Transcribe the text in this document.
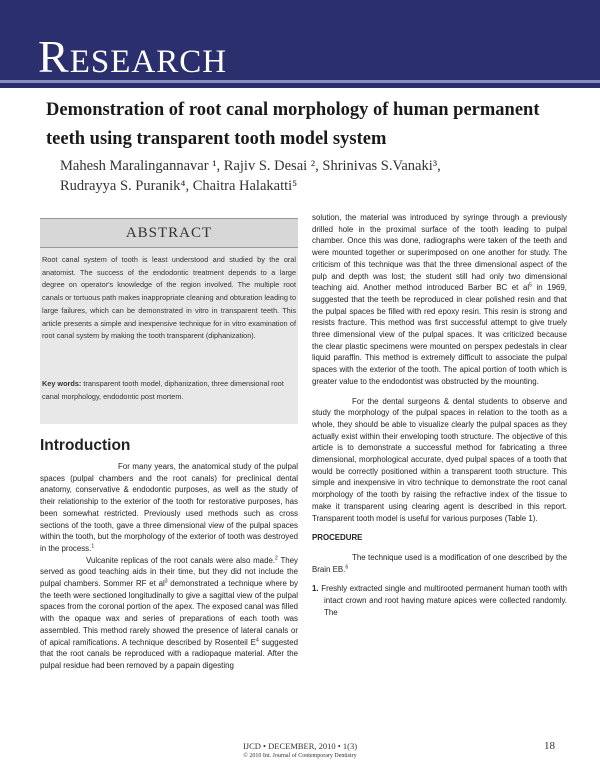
RESEARCH
Demonstration of root canal morphology of human permanent teeth using transparent tooth model system
Mahesh Maralingannavar ¹, Rajiv S. Desai ², Shrinivas S.Vanaki³,
Rudrayya S. Puranik⁴, Chaitra Halakatti⁵
ABSTRACT
Root canal system of tooth is least understood and studied by the oral anatomist. The success of the endodontic treatment depends to a large degree on operator's knowledge of the region involved. The multiple root canals or tortuous path makes inappropriate cleaning and obturation leading to large failures, which can be demonstrated in vitro in transparent teeth. This article presents a simple and inexpensive technique for in vitro examination of root canal system by making the tooth transparent (diphanization).
Key words: transparent tooth model, diphanization, three dimensional root canal morphology, endodontic post mortem.
Introduction

For many years, the anatomical study of the pulpal spaces (pulpal chambers and the root canals) for preclinical dental anatomy, conservative & endodontic purposes, as well as the study of their relationship to the exterior of the tooth for restorative purposes, has been somewhat restricted. Previously used methods such as cross sections of the tooth, gave a three dimensional view of the pulpal spaces within the tooth, but the morphology of the exterior of tooth was destroyed in the process.$^1$

Vulcanite replicas of the root canals were also made.$^2$ They served as good teaching aids in their time, but they did not include the pulpal chambers. Sommer RF et $al^3$ demonstrated a technique where by the teeth were sectioned longitudinally to give a sagittal view of the pulpal spaces from the coronal portion of the apex. The exposed canal was filled with the opaque wax and series of preparations of each tooth was assembled. This method rarely showed the presence of lateral canals or of apical ramifications. A technique described by Rosenteil $E^4$ suggested that the root canals be reproduced with a radiopaque material. After the pulpal residue had been removed by a papain digesting

solution, the material was introduced by syringe through a previously drilled hole in the proximal surface of the tooth leading to pulpal chamber. Once this was done, radiographs were taken of the teeth and were mounted together or superimposed on one another for study. The criticism of this technique was that the three dimensional aspect of the pulp and depth was lost; the student still had only two dimensional teaching aid. Another method introduced Barber BC et $al^5$ in 1969, suggested that the teeth be reproduced in clear polished resin and that the pulpal spaces be filled with red epoxy resin. This resin is strong and resists fracture. This method was first successful attempt to give truely three dimensional view of the pulpal spaces. It was criticized because the clear plastic specimens were mounted on perspex pedestals in clear liquid paraffin. This method is extremely difficult to associate the pulpal spaces with the exterior of the tooth. The apical portion of tooth which is greater value to the endodontist was obstructed by the mounting.

For the dental surgeons & dental students to observe and study the morphology of the pulpal spaces in relation to the tooth as a whole, they should be able to visualize clearly the pulpal spaces as they actually exist within their enveloping tooth structure. The objective of this article is to demonstrate a successful method for fabricating a three dimensional, morphological accurate, dyed pulpal spaces of a tooth that would be correctly positioned within a transparent tooth structure. This simple and inexpensive in vitro technique to demonstrate the root canal morphology of the tooth by raising the refractive index of the tissue to make it transparent using clearing agent is described in this report. Transparent tooth model is useful for various purposes (Table 1).

PROCEDURE

The technique used is a modification of one described by the Brain EB.$^6$

1. Freshly extracted single and multirooted permanent human tooth with intact crown and root having mature apices were collected randomly. The

IJCD • DECEMBER, 2010 • 1(3)
© 2010 Int. Journal of Contemporary Dentistry
18
